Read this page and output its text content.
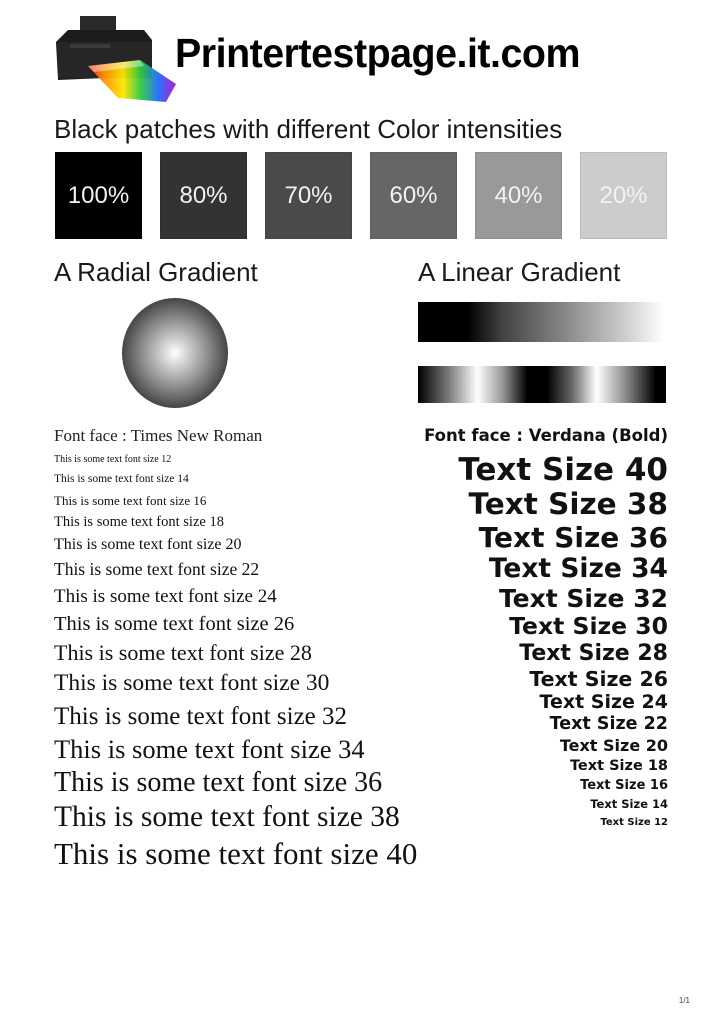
Printertestpage.it.com
Black patches with different Color intensities
100% 80% 70% 60% 40% 20%
A Radial Gradient	A Linear Gradient
Font face : Times New Roman
This is some text font size 12
This is some text font size 14
This is some text font size 16
This is some text font size 18
This is some text font size 20
This is some text font size 22
This is some text font size 24
This is some text font size 26
This is some text font size 28
This is some text font size 30
This is some text font size 32
This is some text font size 34
This is some text font size 36
This is some text font size 38
This is some text font size 40
Font face : Verdana (Bold)
Text Size 40
Text Size 38
Text Size 36
Text Size 34
Text Size 32
Text Size 30
Text Size 28
Text Size 26
Text Size 24
Text Size 22
Text Size 20
Text Size 18
Text Size 16
Text Size 14
Text Size 12
1/1
